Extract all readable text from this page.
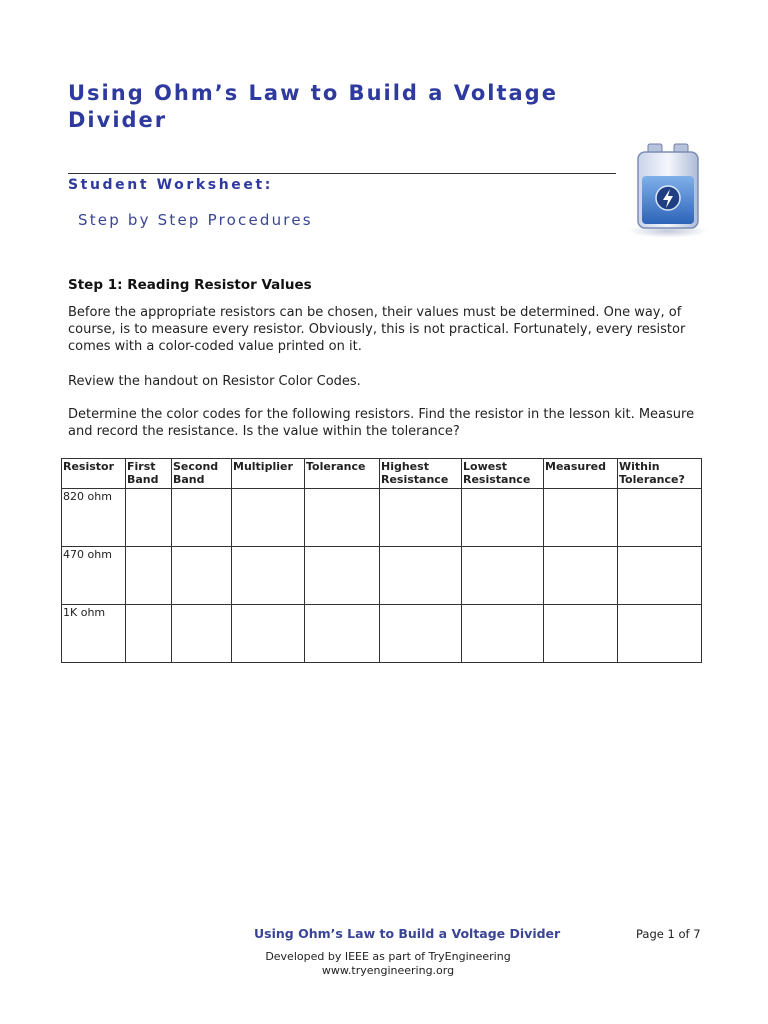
Using Ohm’s Law to Build a Voltage Divider
Student Worksheet:
Step by Step Procedures
Step 1: Reading Resistor Values

Before the appropriate resistors can be chosen, their values must be determined. One way, of course, is to measure every resistor. Obviously, this is not practical. Fortunately, every resistor comes with a color-coded value printed on it.

Review the handout on Resistor Color Codes.

Determine the color codes for the following resistors. Find the resistor in the lesson kit. Measure and record the resistance. Is the value within the tolerance?

Resistor	First Band	Second Band	Multiplier	Tolerance	Highest Resistance	Lowest Resistance	Measured	Within Tolerance?
820 ohm								
470 ohm								
1K ohm								
Using Ohm’s Law to Build a Voltage Divider	Page 1 of 7
Developed by IEEE as part of TryEngineering
www.tryengineering.org
